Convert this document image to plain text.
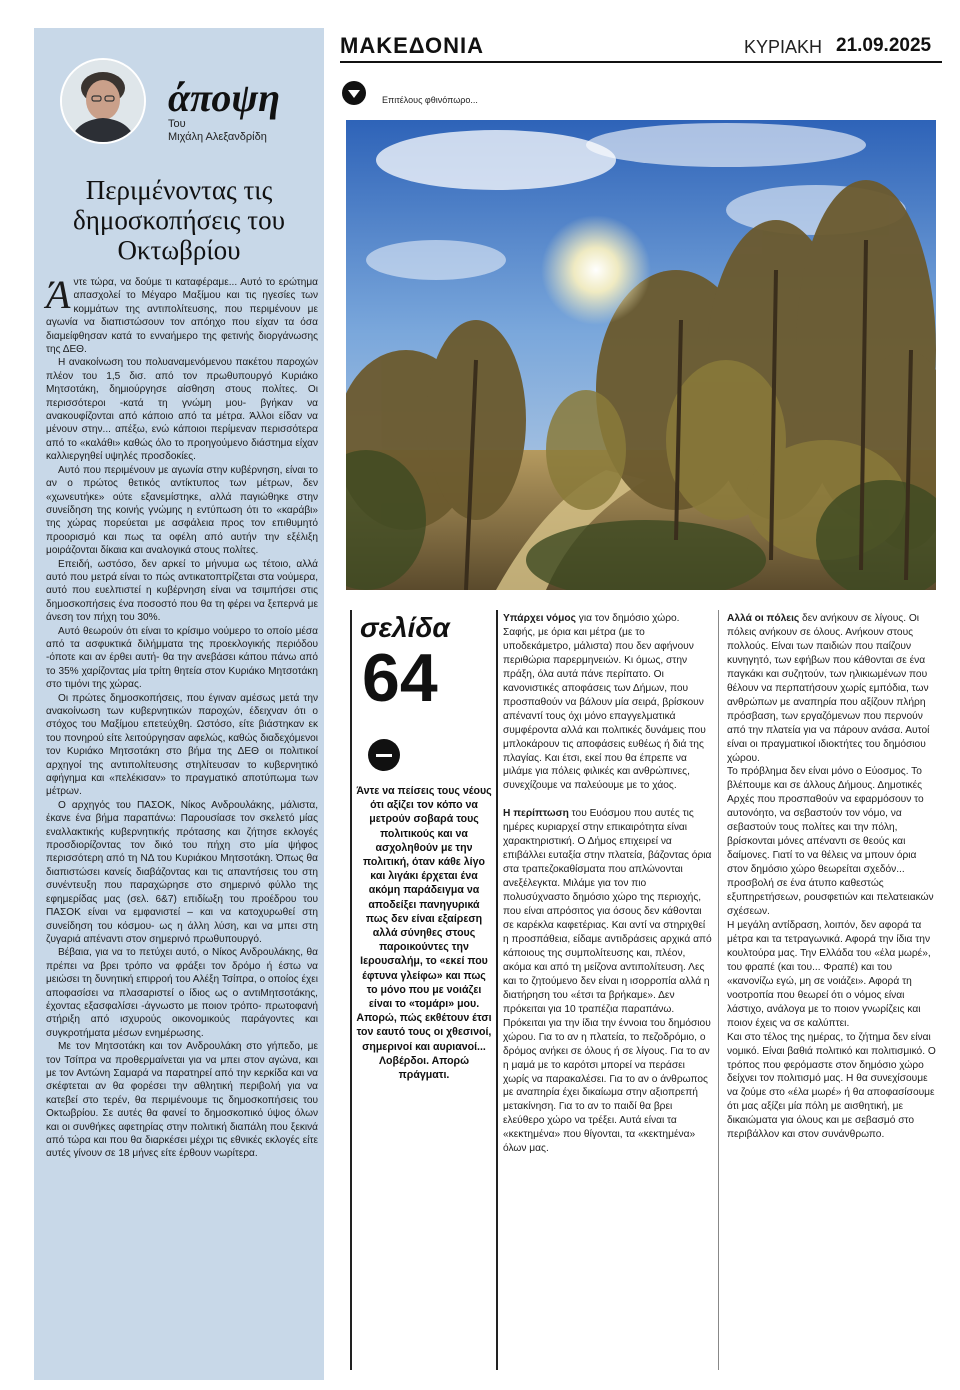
άποψη
Του
Μιχάλη Αλεξανδρίδη
Περιμένοντας τις δημοσκοπήσεις του Οκτωβρίου

Άντε τώρα, να δούμε τι καταφέραμε... Αυτό το ερώτημα απασχολεί το Μέγαρο Μαξίμου και τις ηγεσίες των κομμάτων της αντιπολίτευσης, που περιμένουν με αγωνία να διαπιστώσουν τον απόηχο που είχαν τα όσα διαμείφθησαν κατά το ενναήμερο της φετινής διοργάνωσης της ΔΕΘ.

Η ανακοίνωση του πολυαναμενόμενου πακέτου παροχών πλέον του 1,5 δισ. από τον πρωθυπουργό Κυριάκο Μητσοτάκη, δημιούργησε αίσθηση στους πολίτες. Οι περισσότεροι -κατά τη γνώμη μου- βγήκαν να ανακουφίζονται από κάποιο από τα μέτρα. Άλλοι είδαν να μένουν στην... απέξω, ενώ κάποιοι περίμεναν περισσότερα από το «καλάθι» καθώς όλο το προηγούμενο διάστημα είχαν καλλιεργηθεί υψηλές προσδοκίες.

Αυτό που περιμένουν με αγωνία στην κυβέρνηση, είναι το αν ο πρώτος θετικός αντίκτυπος των μέτρων, δεν «χωνευτήκε» ούτε εξανεμίστηκε, αλλά παγιώθηκε στην συνείδηση της κοινής γνώμης η εντύπωση ότι το «καράβι» της χώρας πορεύεται με ασφάλεια προς τον επιθυμητό προορισμό και πως τα οφέλη από αυτήν την εξέλιξη μοιράζονται δίκαια και αναλογικά στους πολίτες.

Επειδή, ωστόσο, δεν αρκεί το μήνυμα ως τέτοιο, αλλά αυτό που μετρά είναι το πώς αντικατοπτρίζεται στα νούμερα, αυτό που ευελπιστεί η κυβέρνηση είναι να τσιμπήσει στις δημοσκοπήσεις ένα ποσοστό που θα τη φέρει να ξεπερνά με άνεση τον πήχη του 30%.

Αυτό θεωρούν ότι είναι το κρίσιμο νούμερο το οποίο μέσα από τα ασφυκτικά διλήμματα της προεκλογικής περιόδου -όποτε και αν έρθει αυτή- θα την ανεβάσει κάπου πάνω από το 35% χαρίζοντας μία τρίτη θητεία στον Κυριάκο Μητσοτάκη στο τιμόνι της χώρας.

Οι πρώτες δημοσκοπήσεις, που έγιναν αμέσως μετά την ανακοίνωση των κυβερνητικών παροχών, έδειχναν ότι ο στόχος του Μαξίμου επετεύχθη. Ωστόσο, είτε βιάστηκαν εκ του πονηρού είτε λειτούργησαν αφελώς, καθώς διαδεχόμενοι τον Κυριάκο Μητσοτάκη στο βήμα της ΔΕΘ οι πολιτικοί αρχηγοί της αντιπολίτευσης στηλίτευσαν το κυβερνητικό αφήγημα και «πελέκισαν» το πραγματικό αποτύπωμα των μέτρων.

Ο αρχηγός του ΠΑΣΟΚ, Νίκος Ανδρουλάκης, μάλιστα, έκανε ένα βήμα παραπάνω: Παρουσίασε τον σκελετό μίας εναλλακτικής κυβερνητικής πρότασης και ζήτησε εκλογές προσδιορίζοντας τον δικό του πήχη στο μία ψήφος περισσότερη από τη ΝΔ του Κυριάκου Μητσοτάκη. Όπως θα διαπιστώσει κανείς διαβάζοντας και τις απαντήσεις του στη συνέντευξη που παραχώρησε στο σημερινό φύλλο της εφημερίδας μας (σελ. 6&7) επιδίωξη του προέδρου του ΠΑΣΟΚ είναι να εμφανιστεί – και να κατοχυρωθεί στη συνείδηση του κόσμου- ως η άλλη λύση, και να μπει στη ζυγαριά απέναντι στον σημερινό πρωθυπουργό.

Βέβαια, για να το πετύχει αυτό, ο Νίκος Ανδρουλάκης, θα πρέπει να βρει τρόπο να φράξει τον δρόμο ή έστω να μειώσει τη δυνητική επιρροή του Αλέξη Τσίπρα, ο οποίος έχει αποφασίσει να πλασαριστεί ο ίδιος ως ο αντιΜητσοτάκης, έχοντας εξασφαλίσει -άγνωστο με ποιον τρόπο- πρωτοφανή στήριξη από ισχυρούς οικονομικούς παράγοντες και συγκροτήματα μέσων ενημέρωσης.

Με τον Μητσοτάκη και τον Ανδρουλάκη στο γήπεδο, με τον Τσίπρα να προθερμαίνεται για να μπει στον αγώνα, και με τον Αντώνη Σαμαρά να παρατηρεί από την κερκίδα και να σκέφτεται αν θα φορέσει την αθλητική περιβολή για να κατεβεί στο τερέν, θα περιμένουμε τις δημοσκοπήσεις του Οκτωβρίου. Σε αυτές θα φανεί το δημοσκοπικό ύψος όλων και οι συνθήκες αφετηρίας στην πολιτική διαπάλη που ξεκινά από τώρα και που θα διαρκέσει μέχρι τις εθνικές εκλογές είτε αυτές γίνουν σε 18 μήνες είτε έρθουν νωρίτερα.

ΜΑΚΕΔΟΝΙΑ	ΚΥΡΙΑΚΗ 21.09.2025
Επιτέλους φθινόπωρο...
σελίδα
64
Άντε να πείσεις τους νέους ότι αξίζει τον κόπο να μετρούν σοβαρά τους πολιτικούς και να ασχοληθούν με την πολιτική, όταν κάθε λίγο και λιγάκι έρχεται ένα ακόμη παράδειγμα να αποδείξει πανηγυρικά πως δεν είναι εξαίρεση αλλά σύνηθες στους παροικούντες την Ιερουσαλήμ, το «εκεί που έφτυνα γλείφω» και πως το μόνο που με νοιάζει είναι το «τομάρι» μου. Απορώ, πώς εκθέτουν έτσι τον εαυτό τους οι χθεσινοί, σημερινοί και αυριανοί... Λοβέρδοι. Απορώ πράγματι.

Υπάρχει νόμος για τον δημόσιο χώρο. Σαφής, με όρια και μέτρα (με το υποδεκάμετρο, μάλιστα) που δεν αφήνουν περιθώρια παρερμηνειών. Κι όμως, στην πράξη, όλα αυτά πάνε περίπατο. Οι κανονιστικές αποφάσεις των Δήμων, που προσπαθούν να βάλουν μία σειρά, βρίσκουν απέναντί τους όχι μόνο επαγγελματικά συμφέροντα αλλά και πολιτικές δυνάμεις που μπλοκάρουν τις αποφάσεις ευθέως ή διά της πλαγίας. Και έτσι, εκεί που θα έπρεπε να μιλάμε για πόλεις φιλικές και ανθρώπινες, συνεχίζουμε να παλεύουμε με το χάος.

Η περίπτωση του Ευόσμου που αυτές τις ημέρες κυριαρχεί στην επικαιρότητα είναι χαρακτηριστική. Ο Δήμος επιχειρεί να επιβάλλει ευταξία στην πλατεία, βάζοντας όρια στα τραπεζοκαθίσματα που απλώνονται ανεξέλεγκτα. Μιλάμε για τον πιο πολυσύχναστο δημόσιο χώρο της περιοχής, που είναι απρόσιτος για όσους δεν κάθονται σε καρέκλα καφετέριας. Και αντί να στηριχθεί η προσπάθεια, είδαμε αντιδράσεις αρχικά από κάποιους της συμπολίτευσης και, πλέον, ακόμα και από τη μείζονα αντιπολίτευση. Λες και το ζητούμενο δεν είναι η ισορροπία αλλά η διατήρηση του «έτσι τα βρήκαμε». Δεν πρόκειται για 10 τραπέζια παραπάνω. Πρόκειται για την ίδια την έννοια του δημόσιου χώρου. Για το αν η πλατεία, το πεζοδρόμιο, ο δρόμος ανήκει σε όλους ή σε λίγους. Για το αν η μαμά με το καρότσι μπορεί να περάσει χωρίς να παρακαλέσει. Για το αν ο άνθρωπος με αναπηρία έχει δικαίωμα στην αξιοπρεπή μετακίνηση. Για το αν το παιδί θα βρει ελεύθερο χώρο να τρέξει. Αυτά είναι τα «κεκτημένα» που θίγονται, τα «κεκτημένα» όλων μας.

Αλλά οι πόλεις δεν ανήκουν σε λίγους. Οι πόλεις ανήκουν σε όλους. Ανήκουν στους πολλούς. Είναι των παιδιών που παίζουν κυνηγητό, των εφήβων που κάθονται σε ένα παγκάκι και συζητούν, των ηλικιωμένων που θέλουν να περπατήσουν χωρίς εμπόδια, των ανθρώπων με αναπηρία που αξίζουν πλήρη πρόσβαση, των εργαζόμενων που περνούν από την πλατεία για να πάρουν ανάσα. Αυτοί είναι οι πραγματικοί ιδιοκτήτες του δημόσιου χώρου.

Το πρόβλημα δεν είναι μόνο ο Εύοσμος. Το βλέπουμε και σε άλλους Δήμους. Δημοτικές Αρχές που προσπαθούν να εφαρμόσουν το αυτονόητο, να σεβαστούν τον νόμο, να σεβαστούν τους πολίτες και την πόλη, βρίσκονται μόνες απέναντι σε θεούς και δαίμονες. Γιατί το να θέλεις να μπουν όρια στον δημόσιο χώρο θεωρείται σχεδόν... προσβολή σε ένα άτυπο καθεστώς εξυπηρετήσεων, ρουσφετιών και πελατειακών σχέσεων.

Η μεγάλη αντίδραση, λοιπόν, δεν αφορά τα μέτρα και τα τετραγωνικά. Αφορά την ίδια την κουλτούρα μας. Την Ελλάδα του «έλα μωρέ», του φραπέ (και του... Φραπέ) και του «κανονίζω εγώ, μη σε νοιάζει». Αφορά τη νοοτροπία που θεωρεί ότι ο νόμος είναι λάστιχο, ανάλογα με το ποιον γνωρίζεις και ποιον έχεις να σε καλύπτει.

Και στο τέλος της ημέρας, το ζήτημα δεν είναι νομικό. Είναι βαθιά πολιτικό και πολιτισμικό. Ο τρόπος που φερόμαστε στον δημόσιο χώρο δείχνει τον πολιτισμό μας. Η θα συνεχίσουμε να ζούμε στο «έλα μωρέ» ή θα αποφασίσουμε ότι μας αξίζει μία πόλη με αισθητική, με δικαιώματα για όλους και με σεβασμό στο περιβάλλον και στον συνάνθρωπο.
